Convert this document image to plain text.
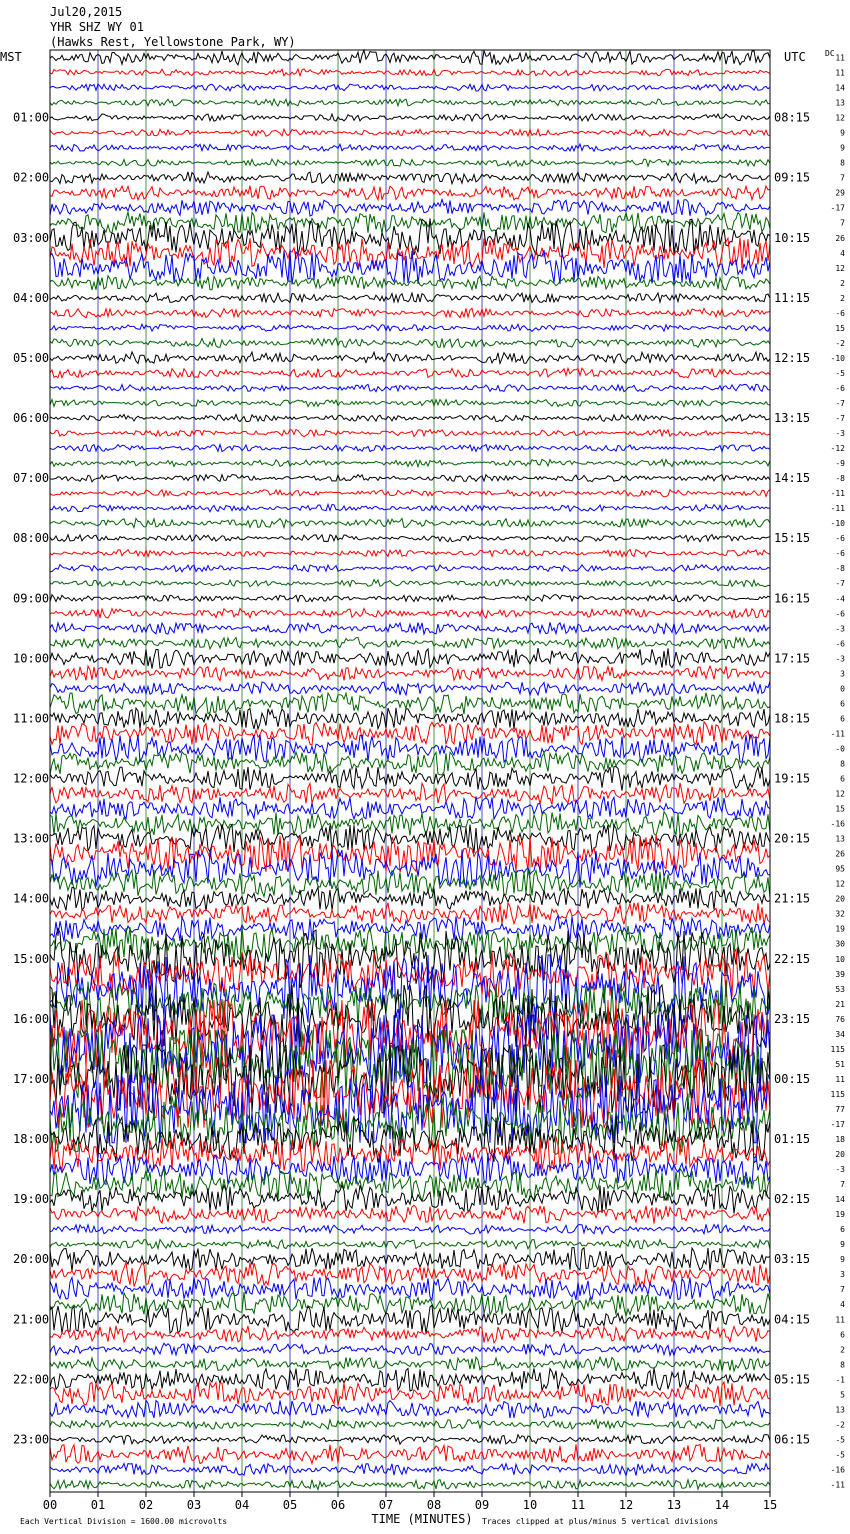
Jul20,2015
YHR SHZ WY 01
(Hawks Rest, Yellowstone Park, WY)
MST	UTC DC
01:00	08:15
02:00	09:15
03:00	10:15
04:00	11:15
05:00	12:15
06:00	13:15
07:00	14:15
08:00	15:15
09:00	16:15
10:00	17:15
11:00	18:15
12:00	19:15
13:00	20:15
14:00	21:15
15:00	22:15
16:00	23:15
17:00	00:15
18:00	01:15
19:00	02:15
20:00	03:15
21:00	04:15
22:00	05:15
23:00	06:15
11
11
14
13
12
9
9
8
7
29
-17
7
26
4
12
2
2
-6
15
-2
-10
-5
-6
-7
-7
-3
-12
-9
-8
-11
-11
-10
-6
-6
-8
-7
-4
-6
-3
-6
-3
3
0
6
6
-11
-0
8
6
12
15
-16
13
26
95
12
20
32
19
30
10
39
53
21
76
34
115
51
11
115
77
-17
18
20
-3
7
14
19
6
9
9
3
7
4
11
6
2
8
-1
5
13
-2
-5
-5
-16
-11
00	01	02	03	04	05	06	07	08	09	10	11	12	13	14	15
TIME (MINUTES)
Each Vertical Division = 1600.00 microvolts	Traces clipped at plus/minus 5 vertical divisions
